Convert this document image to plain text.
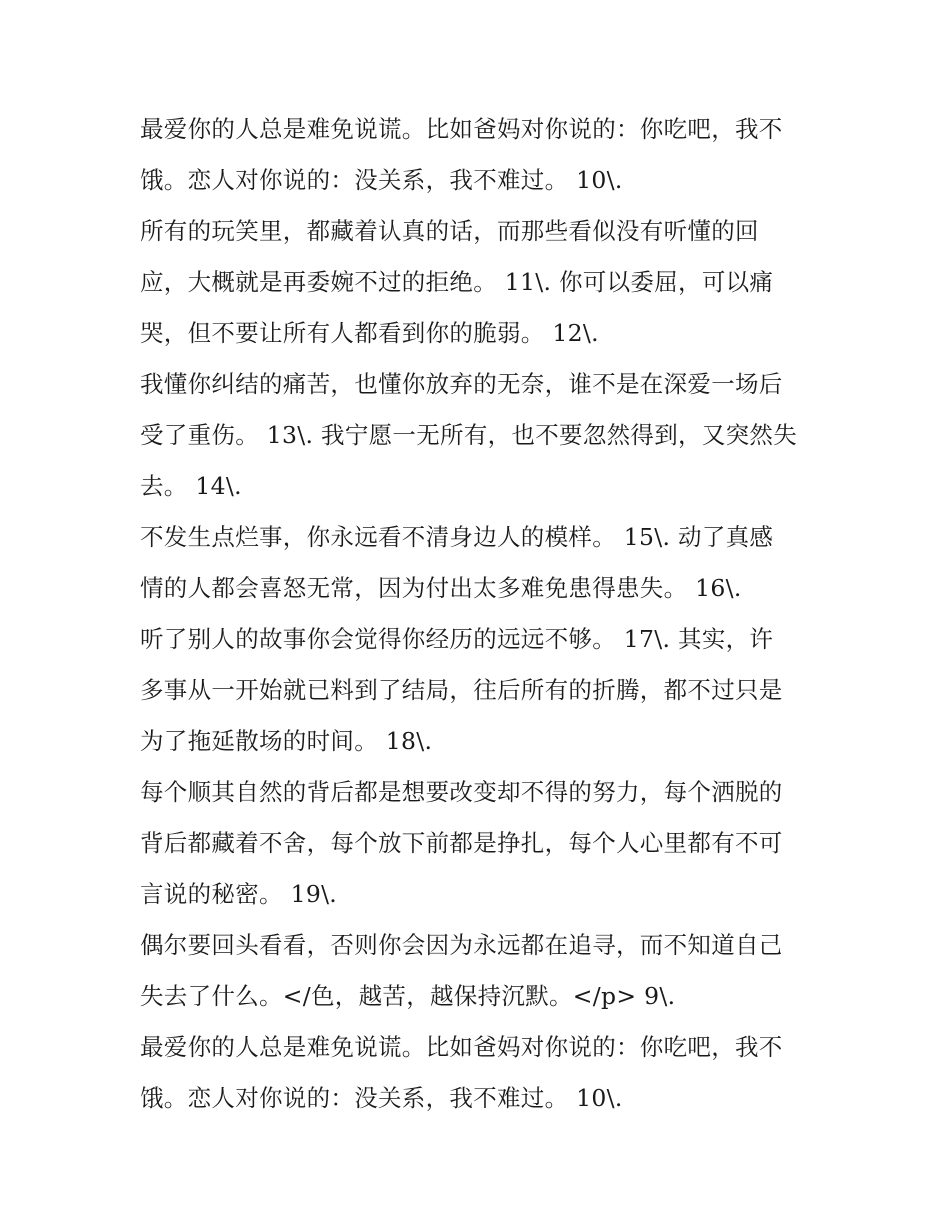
最爱你的人总是难免说谎。比如爸妈对你说的：你吃吧，我不
饿。恋人对你说的：没关系，我不难过。 10\.
所有的玩笑里，都藏着认真的话，而那些看似没有听懂的回
应，大概就是再委婉不过的拒绝。 11\. 你可以委屈，可以痛
哭，但不要让所有人都看到你的脆弱。 12\.
我懂你纠结的痛苦，也懂你放弃的无奈，谁不是在深爱一场后
受了重伤。 13\. 我宁愿一无所有，也不要忽然得到，又突然失
去。 14\.
不发生点烂事，你永远看不清身边人的模样。 15\. 动了真感
情的人都会喜怒无常，因为付出太多难免患得患失。 16\.
听了别人的故事你会觉得你经历的远远不够。 17\. 其实，许
多事从一开始就已料到了结局，往后所有的折腾，都不过只是
为了拖延散场的时间。 18\.
每个顺其自然的背后都是想要改变却不得的努力，每个洒脱的
背后都藏着不舍，每个放下前都是挣扎，每个人心里都有不可
言说的秘密。 19\.
偶尔要回头看看，否则你会因为永远都在追寻，而不知道自己
失去了什么。</色，越苦，越保持沉默。</p> 9\.
最爱你的人总是难免说谎。比如爸妈对你说的：你吃吧，我不
饿。恋人对你说的：没关系，我不难过。 10\.
